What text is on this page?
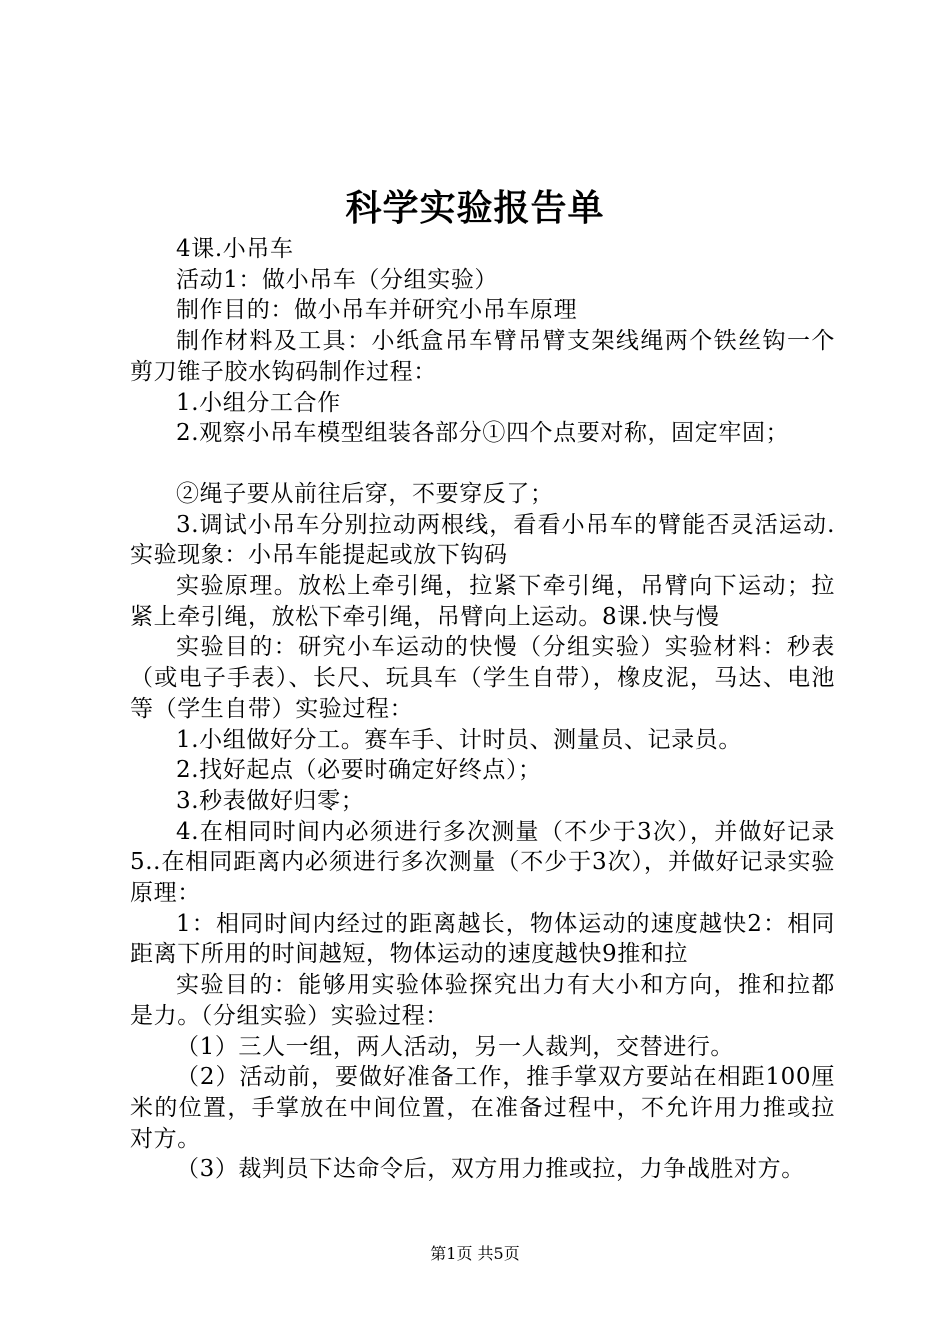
科学实验报告单

4课.小吊车

活动1：做小吊车（分组实验）

制作目的：做小吊车并研究小吊车原理

制作材料及工具：小纸盒吊车臂吊臂支架线绳两个铁丝钩一个剪刀锥子胶水钩码制作过程：

1.小组分工合作

2.观察小吊车模型组装各部分①四个点要对称，固定牢固；

②绳子要从前往后穿，不要穿反了；

3.调试小吊车分别拉动两根线，看看小吊车的臂能否灵活运动.实验现象：小吊车能提起或放下钩码

实验原理。放松上牵引绳，拉紧下牵引绳，吊臂向下运动；拉紧上牵引绳，放松下牵引绳，吊臂向上运动。8课.快与慢

实验目的：研究小车运动的快慢（分组实验）实验材料：秒表（或电子手表）、长尺、玩具车（学生自带），橡皮泥，马达、电池等（学生自带）实验过程：

1.小组做好分工。赛车手、计时员、测量员、记录员。

2.找好起点（必要时确定好终点）；

3.秒表做好归零；

4.在相同时间内必须进行多次测量（不少于3次），并做好记录5..在相同距离内必须进行多次测量（不少于3次），并做好记录实验原理：

1：相同时间内经过的距离越长，物体运动的速度越快2：相同距离下所用的时间越短，物体运动的速度越快9推和拉

实验目的：能够用实验体验探究出力有大小和方向，推和拉都是力。（分组实验）实验过程：

（1）三人一组，两人活动，另一人裁判，交替进行。

（2）活动前，要做好准备工作，推手掌双方要站在相距100厘米的位置，手掌放在中间位置，在准备过程中，不允许用力推或拉对方。

（3）裁判员下达命令后，双方用力推或拉，力争战胜对方。

第1页 共5页
